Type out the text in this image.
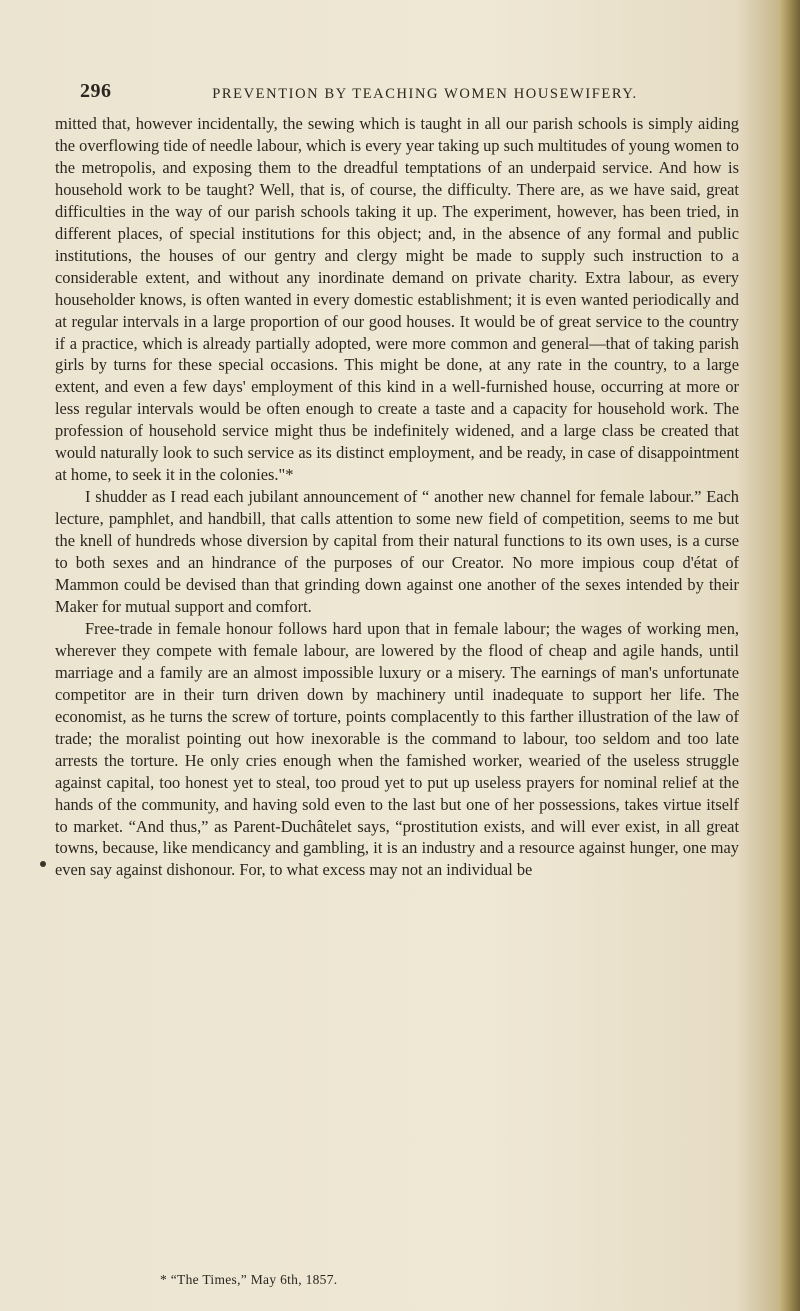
296	PREVENTION BY TEACHING WOMEN HOUSEWIFERY.

mitted that, however incidentally, the sewing which is taught in all our parish schools is simply aiding the overflowing tide of needle labour, which is every year taking up such multitudes of young women to the metropolis, and exposing them to the dreadful temptations of an underpaid service. And how is household work to be taught? Well, that is, of course, the difficulty. There are, as we have said, great difficulties in the way of our parish schools taking it up. The experiment, however, has been tried, in different places, of special institutions for this object; and, in the absence of any formal and public institutions, the houses of our gentry and clergy might be made to supply such instruction to a considerable extent, and without any inordinate demand on private charity. Extra labour, as every householder knows, is often wanted in every domestic establishment; it is even wanted periodically and at regular intervals in a large proportion of our good houses. It would be of great service to the country if a practice, which is already partially adopted, were more common and general—that of taking parish girls by turns for these special occasions. This might be done, at any rate in the country, to a large extent, and even a few days' employment of this kind in a well-furnished house, occurring at more or less regular intervals would be often enough to create a taste and a capacity for household work. The profession of household service might thus be indefinitely widened, and a large class be created that would naturally look to such service as its distinct employment, and be ready, in case of disappointment at home, to seek it in the colonies."*

I shudder as I read each jubilant announcement of “ another new channel for female labour.” Each lecture, pamphlet, and handbill, that calls attention to some new field of competition, seems to me but the knell of hundreds whose diversion by capital from their natural functions to its own uses, is a curse to both sexes and an hindrance of the purposes of our Creator. No more impious coup d'état of Mammon could be devised than that grinding down against one another of the sexes intended by their Maker for mutual support and comfort.

Free-trade in female honour follows hard upon that in female labour; the wages of working men, wherever they compete with female labour, are lowered by the flood of cheap and agile hands, until marriage and a family are an almost impossible luxury or a misery. The earnings of man's unfortunate competitor are in their turn driven down by machinery until inadequate to support her life. The economist, as he turns the screw of torture, points complacently to this farther illustration of the law of trade; the moralist pointing out how inexorable is the command to labour, too seldom and too late arrests the torture. He only cries enough when the famished worker, wearied of the useless struggle against capital, too honest yet to steal, too proud yet to put up useless prayers for nominal relief at the hands of the community, and having sold even to the last but one of her possessions, takes virtue itself to market. “And thus,” as Parent-Duchâtelet says, “prostitution exists, and will ever exist, in all great towns, because, like mendicancy and gambling, it is an industry and a resource against hunger, one may even say against dishonour. For, to what excess may not an individual be

* “The Times,” May 6th, 1857.
